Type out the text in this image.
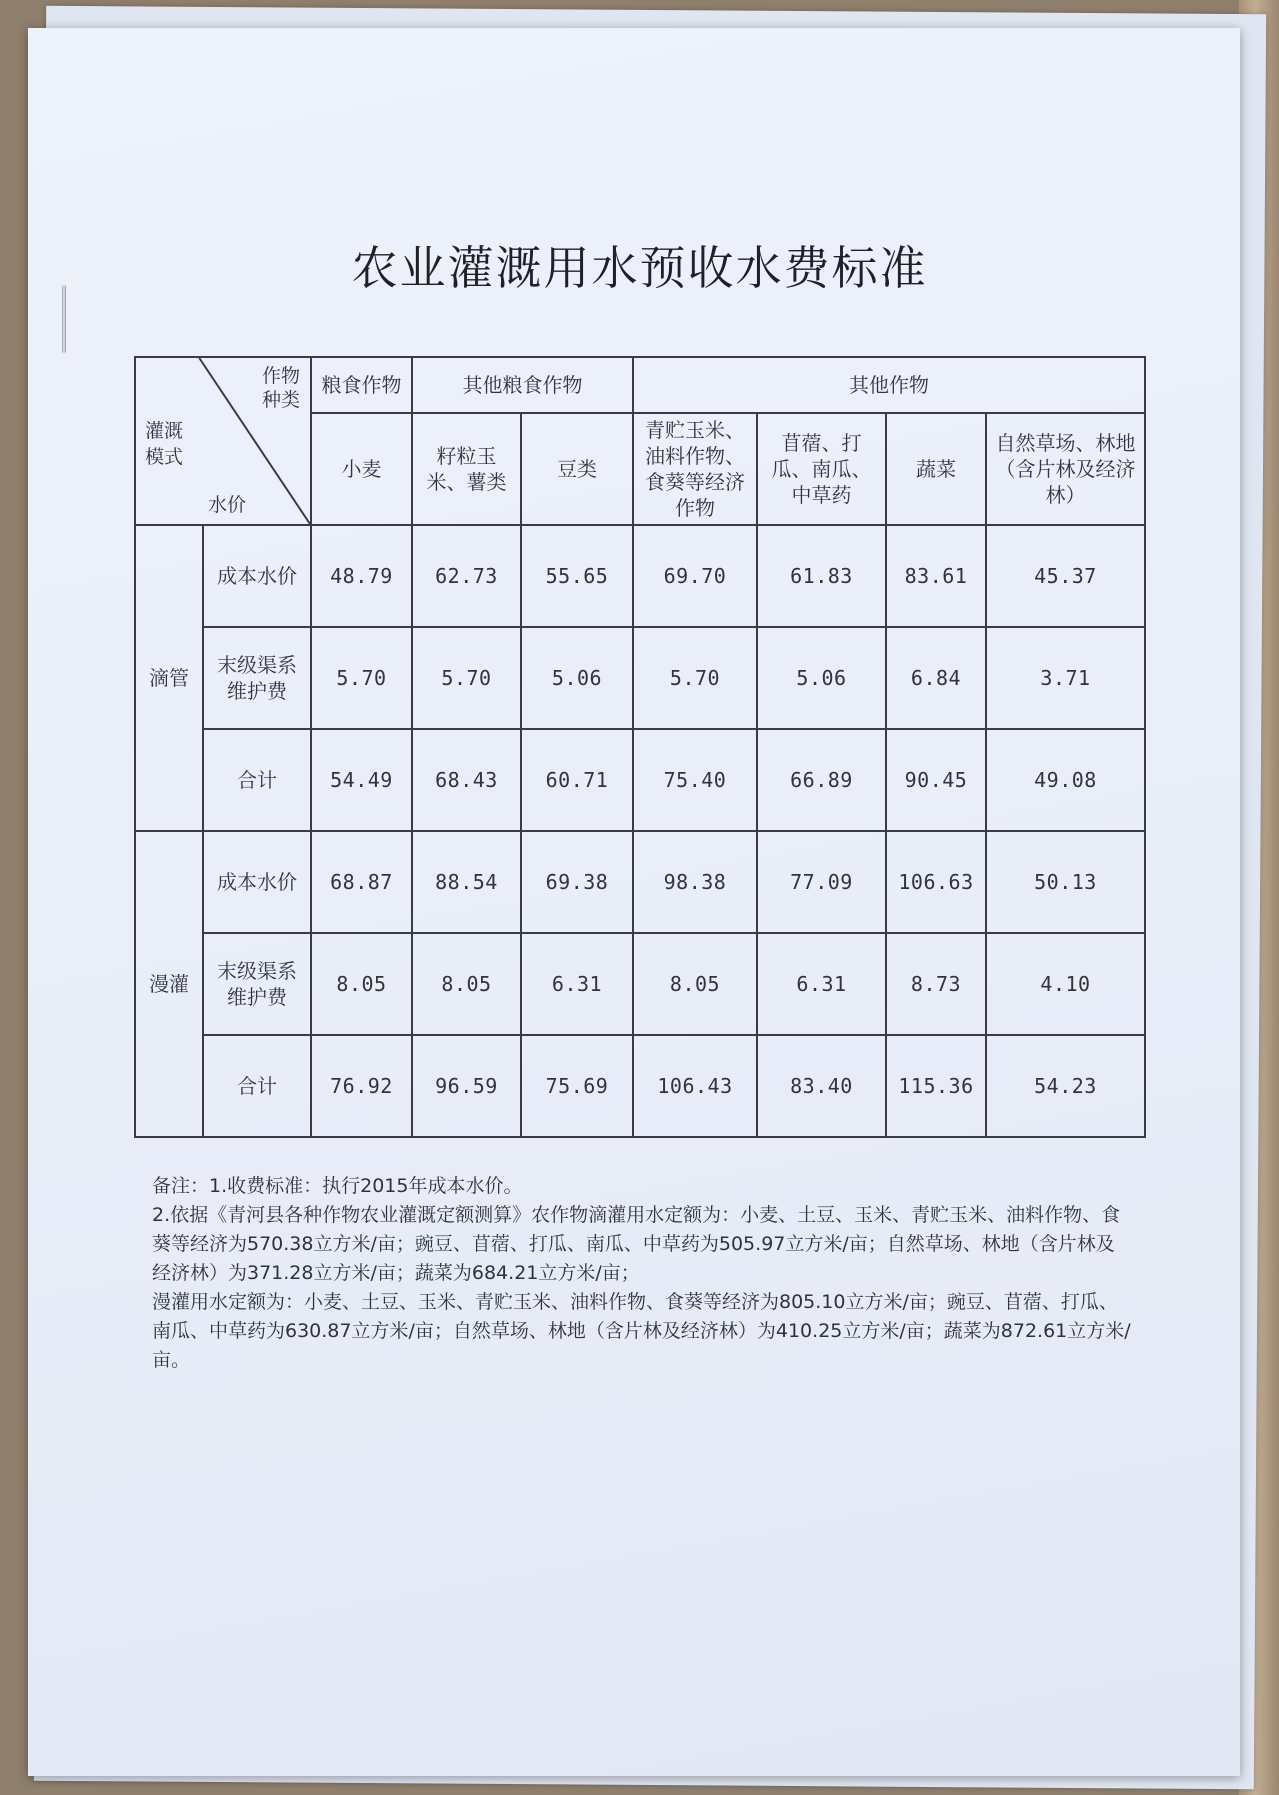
农业灌溉用水预收水费标准
作物种类
灌溉模式
水价		粮食作物	其他粮食作物		其他作物			
		小麦	籽粒玉米、薯类	豆类	青贮玉米、油料作物、食葵等经济作物	苜蓿、打瓜、南瓜、中草药	蔬菜	自然草场、林地（含片林及经济林）
滴管	成本水价	48.79	62.73	55.65	69.70	61.83	83.61	45.37
	末级渠系维护费	5.70	5.70	5.06	5.70	5.06	6.84	3.71
	合计	54.49	68.43	60.71	75.40	66.89	90.45	49.08
漫灌	成本水价	68.87	88.54	69.38	98.38	77.09	106.63	50.13
	末级渠系维护费	8.05	8.05	6.31	8.05	6.31	8.73	4.10
	合计	76.92	96.59	75.69	106.43	83.40	115.36	54.23

备注：1.收费标准：执行2015年成本水价。

2.依据《青河县各种作物农业灌溉定额测算》农作物滴灌用水定额为：小麦、土豆、玉米、青贮玉米、油料作物、食葵等经济为570.38立方米/亩；豌豆、苜蓿、打瓜、南瓜、中草药为505.97立方米/亩；自然草场、林地（含片林及经济林）为371.28立方米/亩；蔬菜为684.21立方米/亩；

漫灌用水定额为：小麦、土豆、玉米、青贮玉米、油料作物、食葵等经济为805.10立方米/亩；豌豆、苜蓿、打瓜、南瓜、中草药为630.87立方米/亩；自然草场、林地（含片林及经济林）为410.25立方米/亩；蔬菜为872.61立方米/亩。
